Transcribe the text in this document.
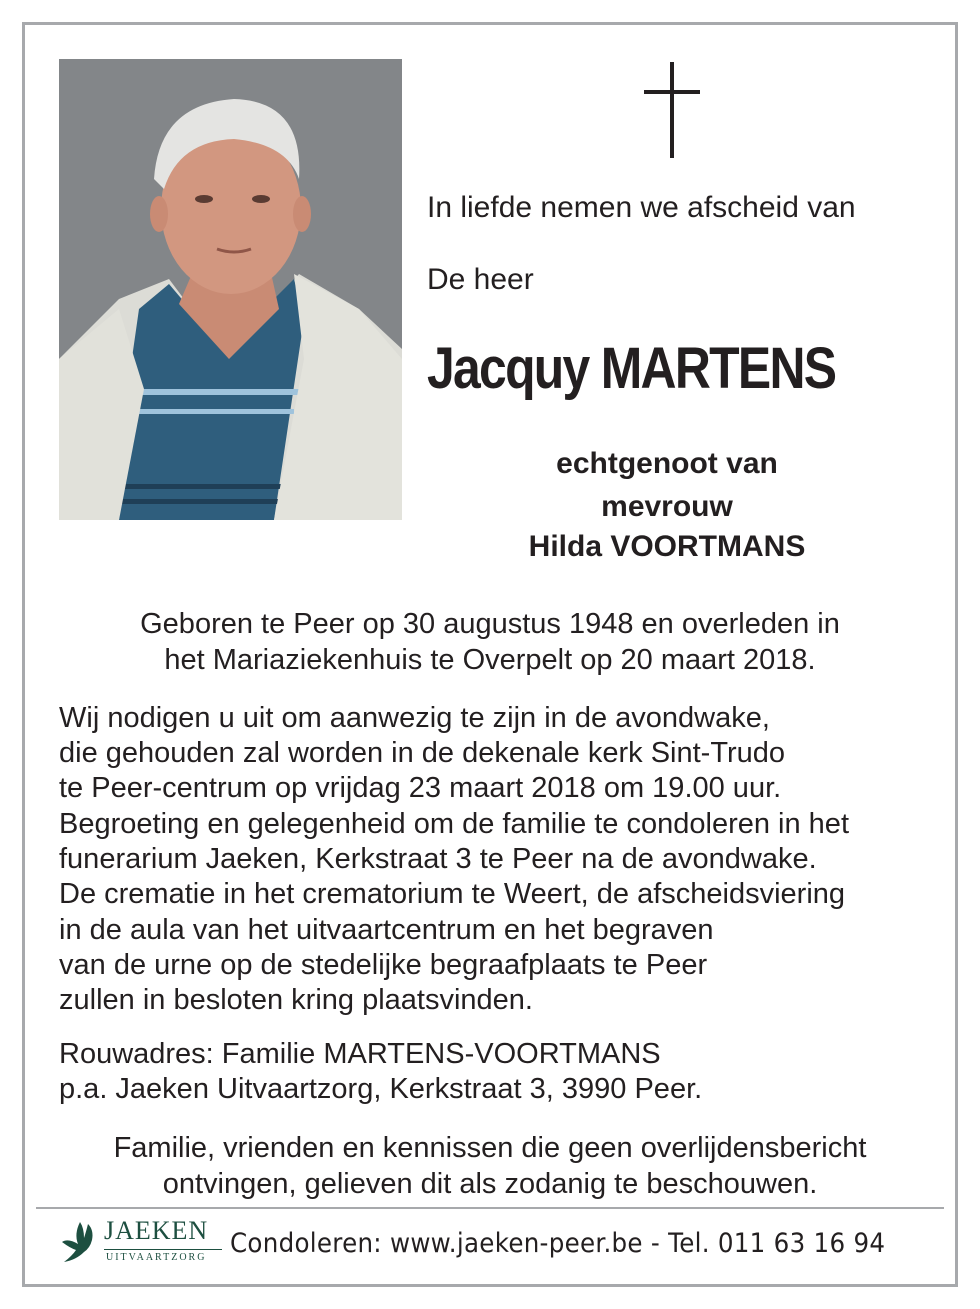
In liefde nemen we afscheid van
De heer
Jacquy MARTENS
echtgenoot van
mevrouw
Hilda VOORTMANS
Geboren te Peer op 30 augustus 1948 en overleden in
het Mariaziekenhuis te Overpelt op 20 maart 2018.
Wij nodigen u uit om aanwezig te zijn in de avondwake,
die gehouden zal worden in de dekenale kerk Sint-Trudo
te Peer-centrum op vrijdag 23 maart 2018 om 19.00 uur.
Begroeting en gelegenheid om de familie te condoleren in het
funerarium Jaeken, Kerkstraat 3 te Peer na de avondwake.
De crematie in het crematorium te Weert, de afscheidsviering
in de aula van het uitvaartcentrum en het begraven
van de urne op de stedelijke begraafplaats te Peer
zullen in besloten kring plaatsvinden.
Rouwadres: Familie MARTENS-VOORTMANS
p.a. Jaeken Uitvaartzorg, Kerkstraat 3, 3990 Peer.
Familie, vrienden en kennissen die geen overlijdensbericht
ontvingen, gelieven dit als zodanig te beschouwen.
JAEKEN
UITVAARTZORG Condoleren: www.jaeken-peer.be - Tel. 011 63 16 94
